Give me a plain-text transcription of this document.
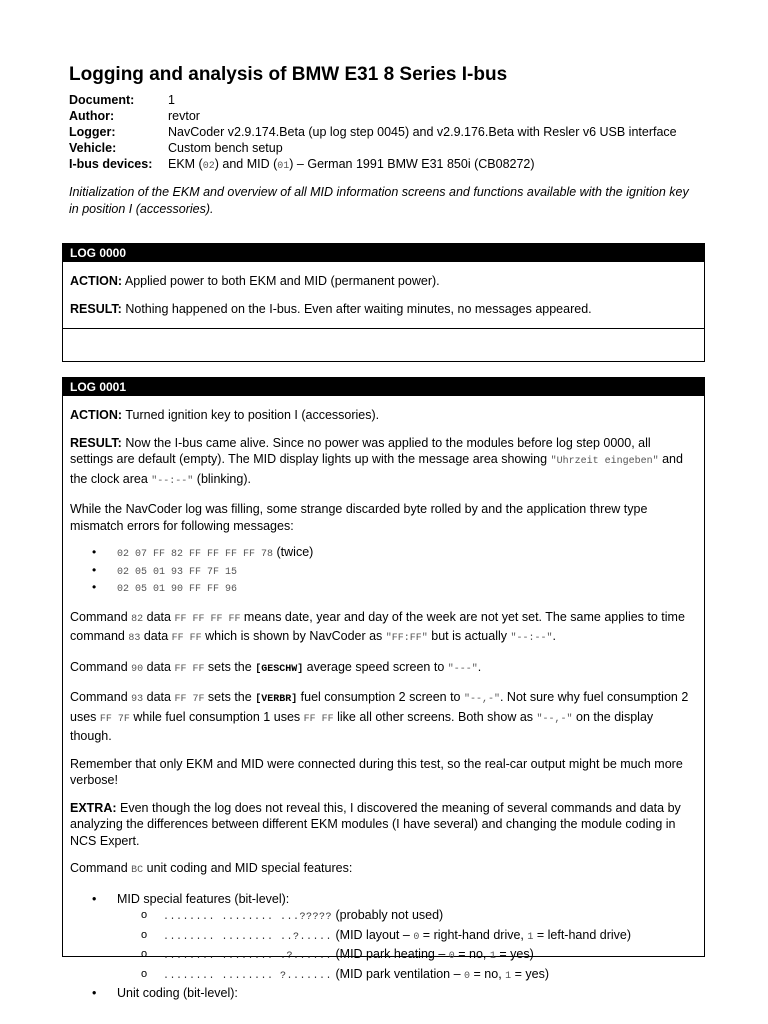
Logging and analysis of BMW E31 8 Series I-bus
Document:	1
Author:	revtor
Logger:	NavCoder v2.9.174.Beta (up log step 0045) and v2.9.176.Beta with Resler v6 USB interface
Vehicle:	Custom bench setup
I-bus devices:	EKM (02) and MID (01) – German 1991 BMW E31 850i (CB08272)
Initialization of the EKM and overview of all MID information screens and functions available with the ignition key in position I (accessories).
LOG 0000

ACTION: Applied power to both EKM and MID (permanent power).

RESULT: Nothing happened on the I-bus. Even after waiting minutes, no messages appeared.

LOG 0001

ACTION: Turned ignition key to position I (accessories).

RESULT: Now the I-bus came alive. Since no power was applied to the modules before log step 0000, all settings are default (empty). The MID display lights up with the message area showing "Uhrzeit eingeben" and the clock area "--:--" (blinking).

While the NavCoder log was filling, some strange discarded byte rolled by and the application threw type mismatch errors for following messages:

• 02 07 FF 82 FF FF FF FF 78 (twice)
• 02 05 01 93 FF 7F 15
• 02 05 01 90 FF FF 96

Command 82 data FF FF FF FF means date, year and day of the week are not yet set. The same applies to time command 83 data FF FF which is shown by NavCoder as "FF:FF" but is actually "--:--".

Command 90 data FF FF sets the [GESCHW] average speed screen to "---".

Command 93 data FF 7F sets the [VERBR] fuel consumption 2 screen to "--,-". Not sure why fuel consumption 2 uses FF 7F while fuel consumption 1 uses FF FF like all other screens. Both show as "--,-" on the display though.

Remember that only EKM and MID were connected during this test, so the real-car output might be much more verbose!

EXTRA: Even though the log does not reveal this, I discovered the meaning of several commands and data by analyzing the differences between different EKM modules (I have several) and changing the module coding in NCS Expert.

Command BC unit coding and MID special features:

• MID special features (bit-level):
o ........ ........ ...????? (probably not used)
o ........ ........ ..?..... (MID layout – 0 = right-hand drive, 1 = left-hand drive)
o ........ ........ .?...... (MID park heating – 0 = no, 1 = yes)
o ........ ........ ?....... (MID park ventilation – 0 = no, 1 = yes)
• Unit coding (bit-level):
